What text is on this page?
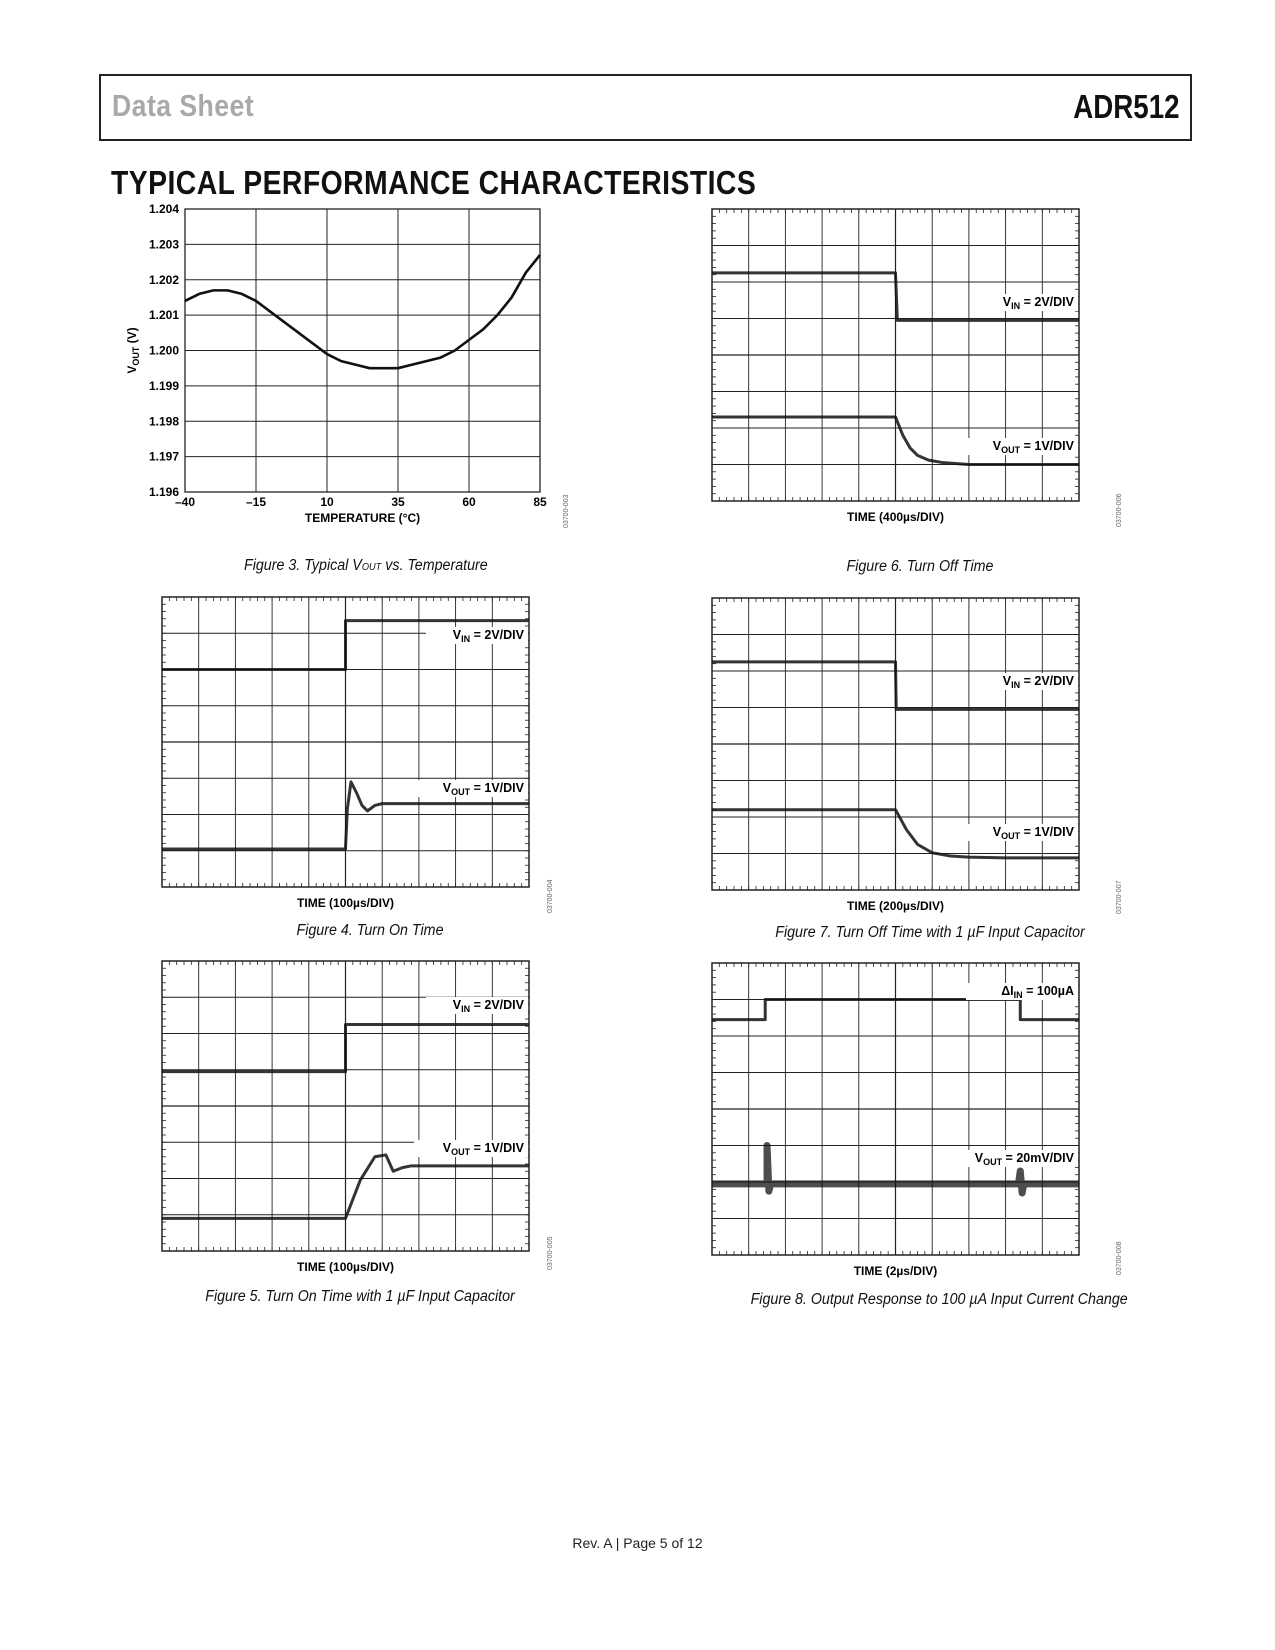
Data Sheet	ADR512
TYPICAL PERFORMANCE CHARACTERISTICS
–40	–15	10	35	60	85
1.196
1.197
1.198
1.199
1.200
1.201
1.202
1.203
1.204
TEMPERATURE (°C)
$V_{OUT}$ (V)
03700-003
Figure 3. Typical VOUT vs. Temperature
$V_{IN} = 2V/DIV$
$V_{OUT} = 1V/DIV$
TIME (400µs/DIV)	03700-006
Figure 6. Turn Off Time
$V_{IN} = 2V/DIV$
$V_{OUT} = 1V/DIV$
TIME (100µs/DIV)	03700-004
Figure 4. Turn On Time
$V_{IN} = 2V/DIV$
$V_{OUT} = 1V/DIV$
TIME (200µs/DIV)	03700-007
Figure 7. Turn Off Time with 1 µF Input Capacitor
$V_{IN} = 2V/DIV$
$V_{OUT} = 1V/DIV$
TIME (100µs/DIV)	03700-005
Figure 5. Turn On Time with 1 µF Input Capacitor
$\Delta I_{IN} = 100\mu A$
$V_{OUT} = 20mV/DIV$
TIME (2µs/DIV)	03700-008
Figure 8. Output Response to 100 µA Input Current Change
Rev. A | Page 5 of 12
